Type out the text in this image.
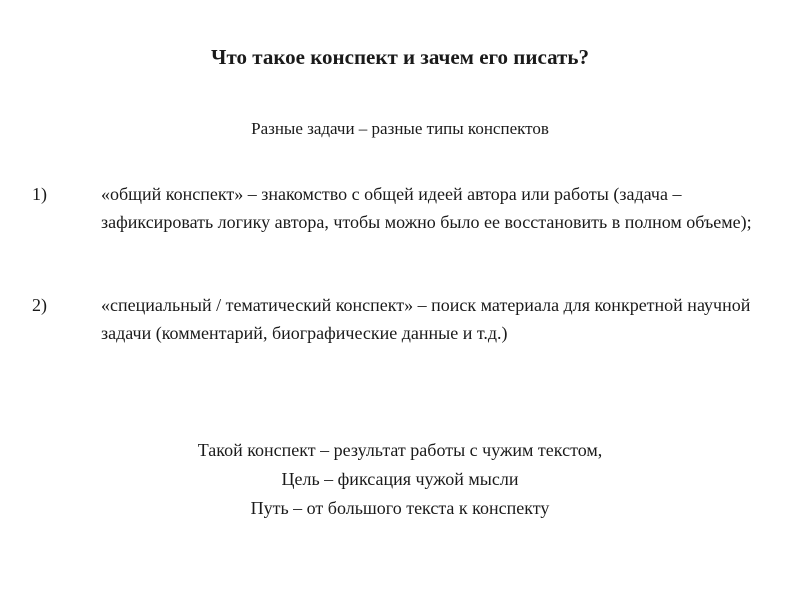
Что такое конспект и зачем его писать?
Разные задачи – разные типы конспектов
1)	«общий конспект» – знакомство с общей идеей автора или работы (задача – зафиксировать логику автора, чтобы можно было ее восстановить в полном объеме);
2)	«специальный / тематический конспект» – поиск материала для конкретной научной задачи (комментарий, биографические данные и т.д.)
Такой конспект – результат работы с чужим текстом,
Цель – фиксация чужой мысли
Путь – от большого текста к конспекту
